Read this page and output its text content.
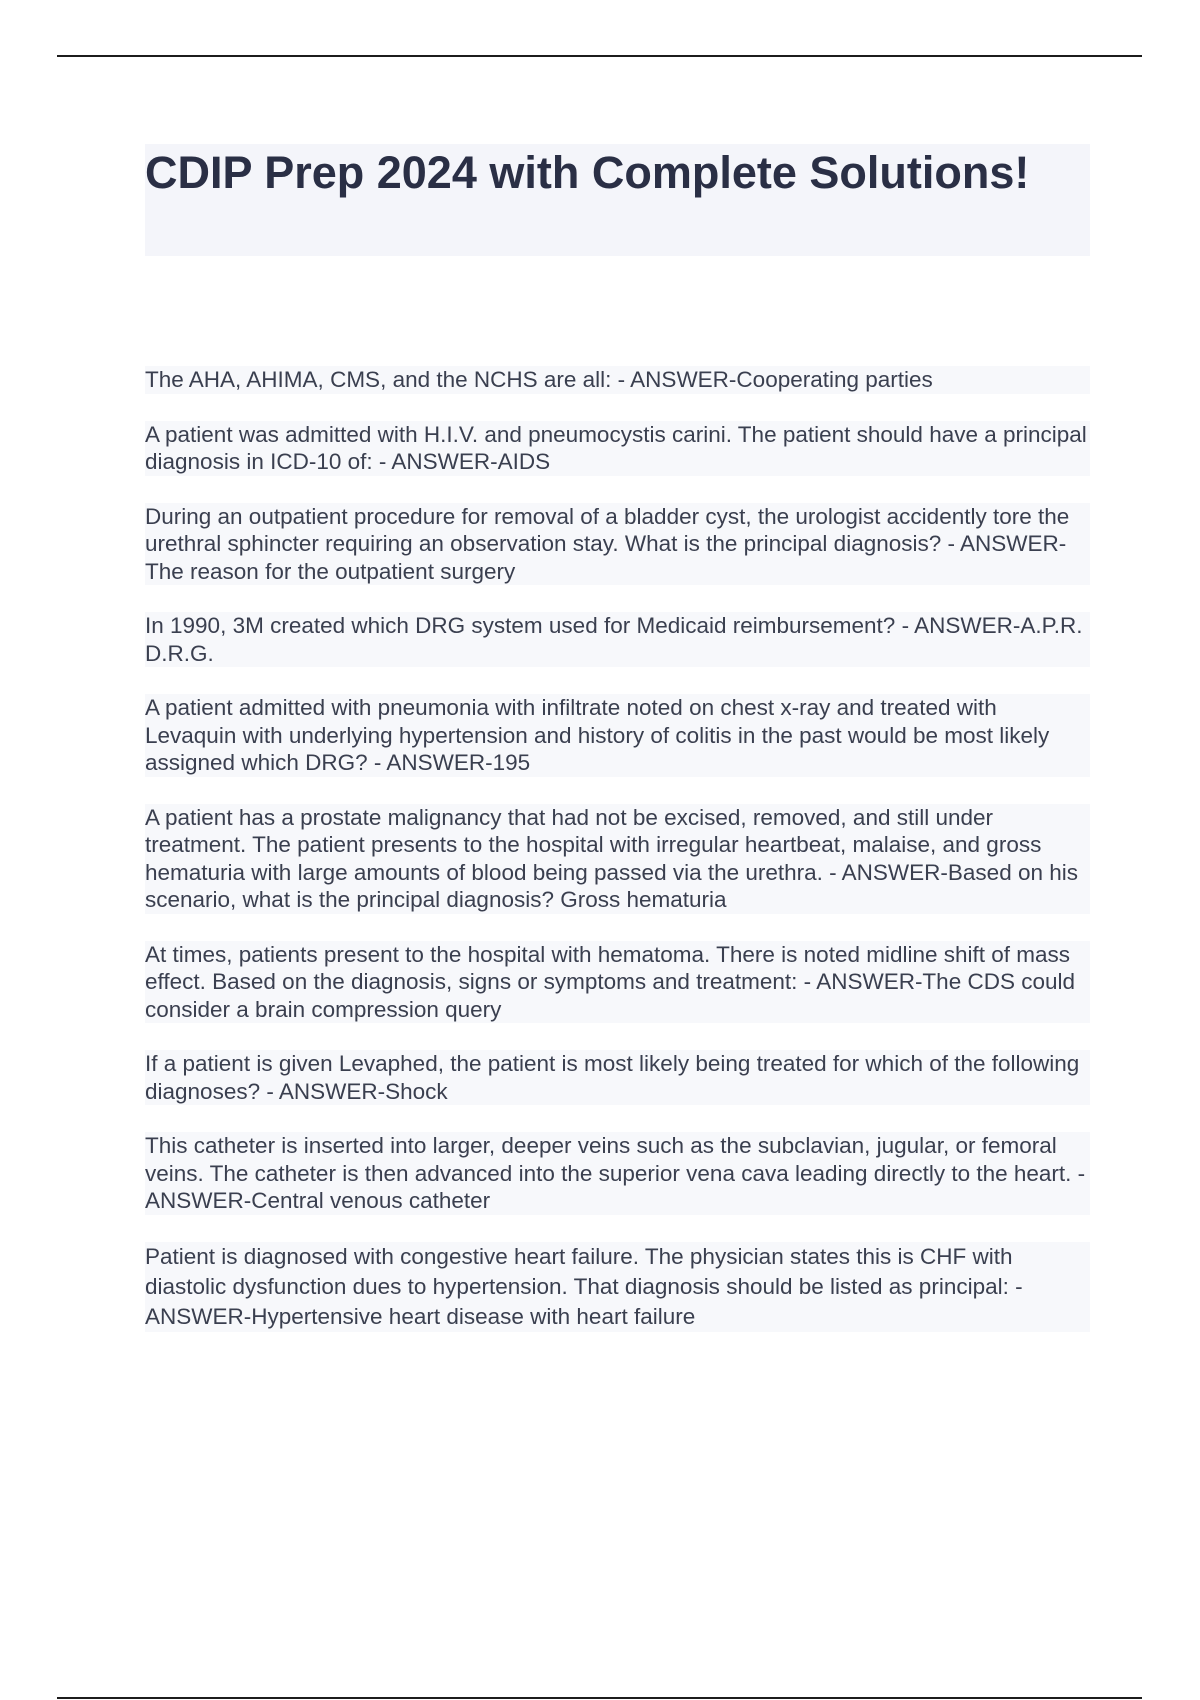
CDIP Prep 2024 with Complete Solutions!

The AHA, AHIMA, CMS, and the NCHS are all: - ANSWER-Cooperating parties

A patient was admitted with H.I.V. and pneumocystis carini. The patient should have a principal diagnosis in ICD-10 of: - ANSWER-AIDS

During an outpatient procedure for removal of a bladder cyst, the urologist accidently tore the urethral sphincter requiring an observation stay. What is the principal diagnosis? - ANSWER-The reason for the outpatient surgery

In 1990, 3M created which DRG system used for Medicaid reimbursement? - ANSWER-A.P.R. D.R.G.

A patient admitted with pneumonia with infiltrate noted on chest x-ray and treated with Levaquin with underlying hypertension and history of colitis in the past would be most likely assigned which DRG? - ANSWER-195

A patient has a prostate malignancy that had not be excised, removed, and still under treatment. The patient presents to the hospital with irregular heartbeat, malaise, and gross hematuria with large amounts of blood being passed via the urethra. - ANSWER-Based on his scenario, what is the principal diagnosis? Gross hematuria

At times, patients present to the hospital with hematoma. There is noted midline shift of mass effect. Based on the diagnosis, signs or symptoms and treatment: - ANSWER-The CDS could consider a brain compression query

If a patient is given Levaphed, the patient is most likely being treated for which of the following diagnoses? - ANSWER-Shock

This catheter is inserted into larger, deeper veins such as the subclavian, jugular, or femoral veins. The catheter is then advanced into the superior vena cava leading directly to the heart. - ANSWER-Central venous catheter

Patient is diagnosed with congestive heart failure. The physician states this is CHF with diastolic dysfunction dues to hypertension. That diagnosis should be listed as principal: - ANSWER-Hypertensive heart disease with heart failure
